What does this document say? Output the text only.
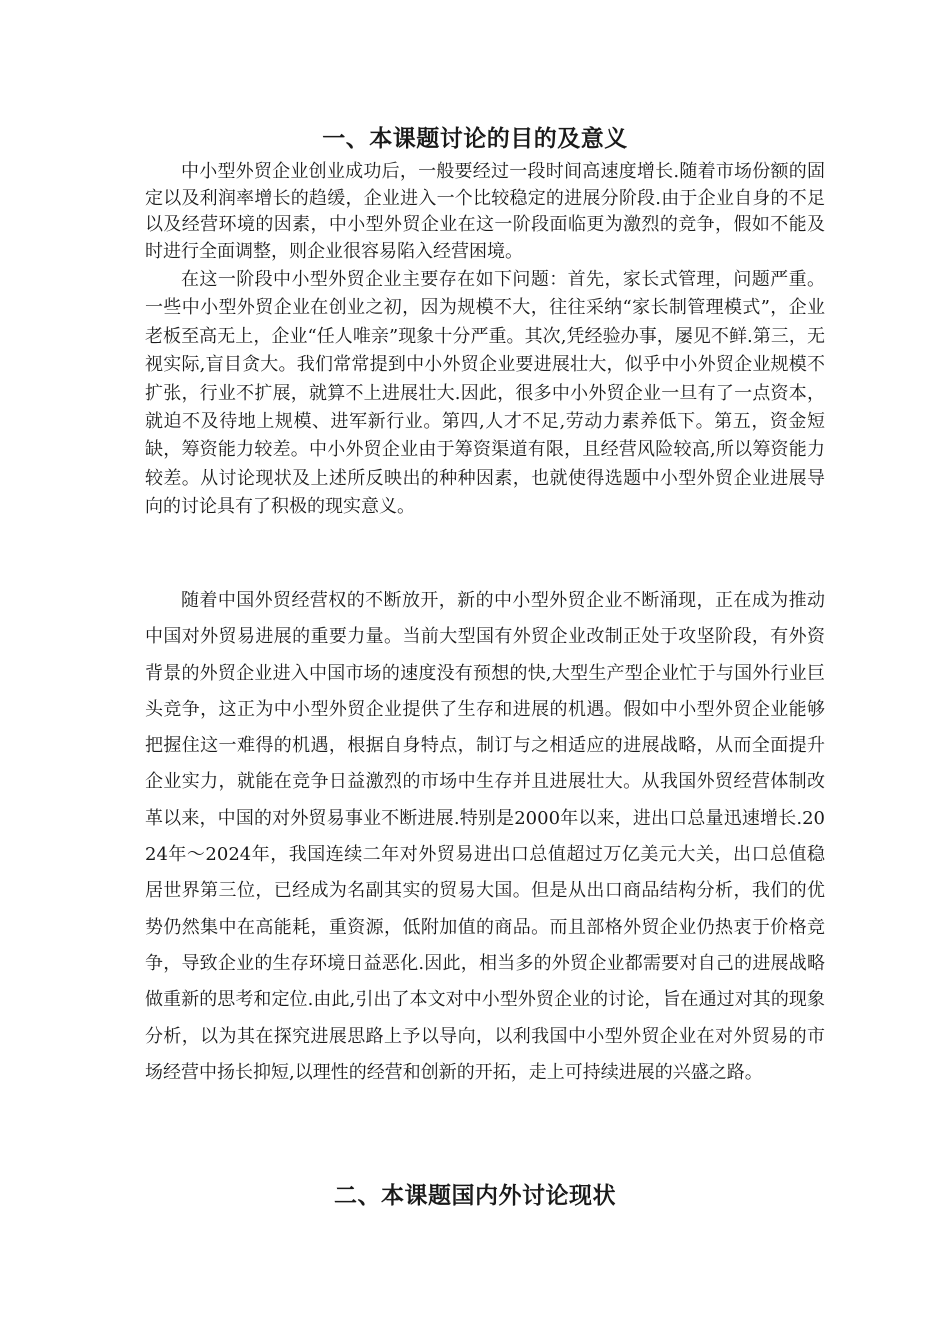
一、本课题讨论的目的及意义

中小型外贸企业创业成功后，一般要经过一段时间高速度增长.随着市场份额的固定以及利润率增长的趋缓，企业进入一个比较稳定的进展分阶段.由于企业自身的不足以及经营环境的因素，中小型外贸企业在这一阶段面临更为激烈的竞争，假如不能及时进行全面调整，则企业很容易陷入经营困境。

在这一阶段中小型外贸企业主要存在如下问题：首先，家长式管理，问题严重。一些中小型外贸企业在创业之初，因为规模不大，往往采纳“家长制管理模式”，企业老板至高无上，企业“任人唯亲”现象十分严重。其次,凭经验办事，屡见不鲜.第三，无视实际,盲目贪大。我们常常提到中小外贸企业要进展壮大，似乎中小外贸企业规模不扩张，行业不扩展，就算不上进展壮大.因此，很多中小外贸企业一旦有了一点资本，就迫不及待地上规模、进军新行业。第四,人才不足,劳动力素养低下。第五，资金短缺，筹资能力较差。中小外贸企业由于筹资渠道有限，且经营风险较高,所以筹资能力较差。从讨论现状及上述所反映出的种种因素，也就使得选题中小型外贸企业进展导向的讨论具有了积极的现实意义。

随着中国外贸经营权的不断放开，新的中小型外贸企业不断涌现，正在成为推动中国对外贸易进展的重要力量。当前大型国有外贸企业改制正处于攻坚阶段，有外资背景的外贸企业进入中国市场的速度没有预想的快,大型生产型企业忙于与国外行业巨头竞争，这正为中小型外贸企业提供了生存和进展的机遇。假如中小型外贸企业能够把握住这一难得的机遇，根据自身特点，制订与之相适应的进展战略，从而全面提升企业实力，就能在竞争日益激烈的市场中生存并且进展壮大。从我国外贸经营体制改革以来，中国的对外贸易事业不断进展.特别是2000年以来，进出口总量迅速增长.2024年～2024年，我国连续二年对外贸易进出口总值超过万亿美元大关，出口总值稳居世界第三位，已经成为名副其实的贸易大国。但是从出口商品结构分析，我们的优势仍然集中在高能耗，重资源，低附加值的商品。而且部格外贸企业仍热衷于价格竞争，导致企业的生存环境日益恶化.因此，相当多的外贸企业都需要对自己的进展战略做重新的思考和定位.由此,引出了本文对中小型外贸企业的讨论，旨在通过对其的现象分析，以为其在探究进展思路上予以导向，以利我国中小型外贸企业在对外贸易的市场经营中扬长抑短,以理性的经营和创新的开拓，走上可持续进展的兴盛之路。

二、本课题国内外讨论现状
